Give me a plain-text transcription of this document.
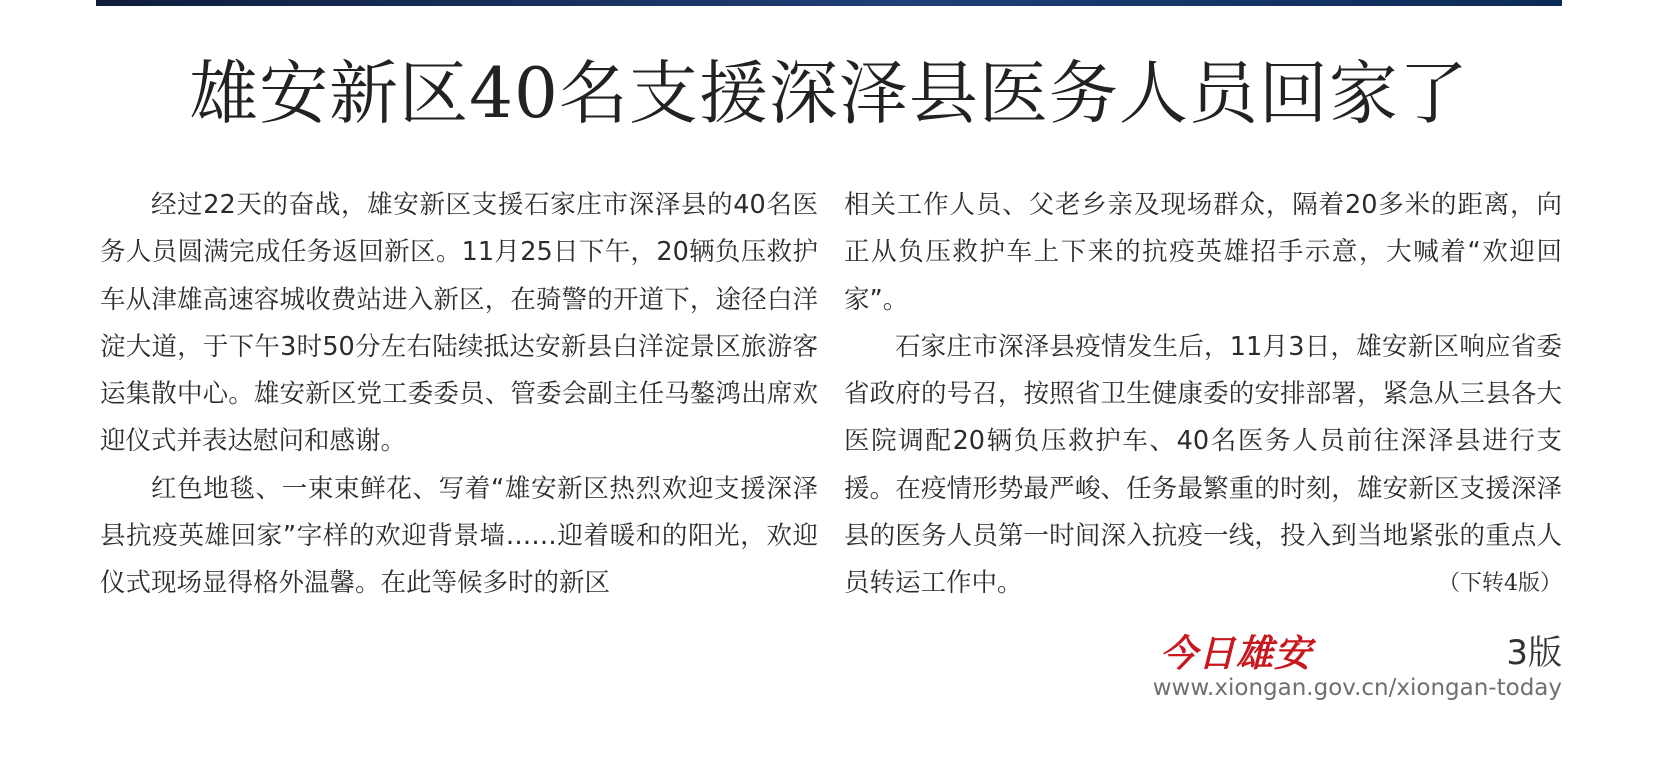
雄安新区40名支援深泽县医务人员回家了

经过22天的奋战，雄安新区支援石家庄市深泽县的40名医务人员圆满完成任务返回新区。11月25日下午，20辆负压救护车从津雄高速容城收费站进入新区，在骑警的开道下，途径白洋淀大道，于下午3时50分左右陆续抵达安新县白洋淀景区旅游客运集散中心。雄安新区党工委委员、管委会副主任马鏊鸿出席欢迎仪式并表达慰问和感谢。

红色地毯、一束束鲜花、写着“雄安新区热烈欢迎支援深泽县抗疫英雄回家”字样的欢迎背景墙……迎着暖和的阳光，欢迎仪式现场显得格外温馨。在此等候多时的新区

相关工作人员、父老乡亲及现场群众，隔着20多米的距离，向正从负压救护车上下来的抗疫英雄招手示意，大喊着“欢迎回家”。

石家庄市深泽县疫情发生后，11月3日，雄安新区响应省委省政府的号召，按照省卫生健康委的安排部署，紧急从三县各大医院调配20辆负压救护车、40名医务人员前往深泽县进行支援。在疫情形势最严峻、任务最繁重的时刻，雄安新区支援深泽县的医务人员第一时间深入抗疫一线，投入到当地紧张的重点人员转运工作中。	（下转4版）

今日雄安	3版
www.xiongan.gov.cn/xiongan-today
